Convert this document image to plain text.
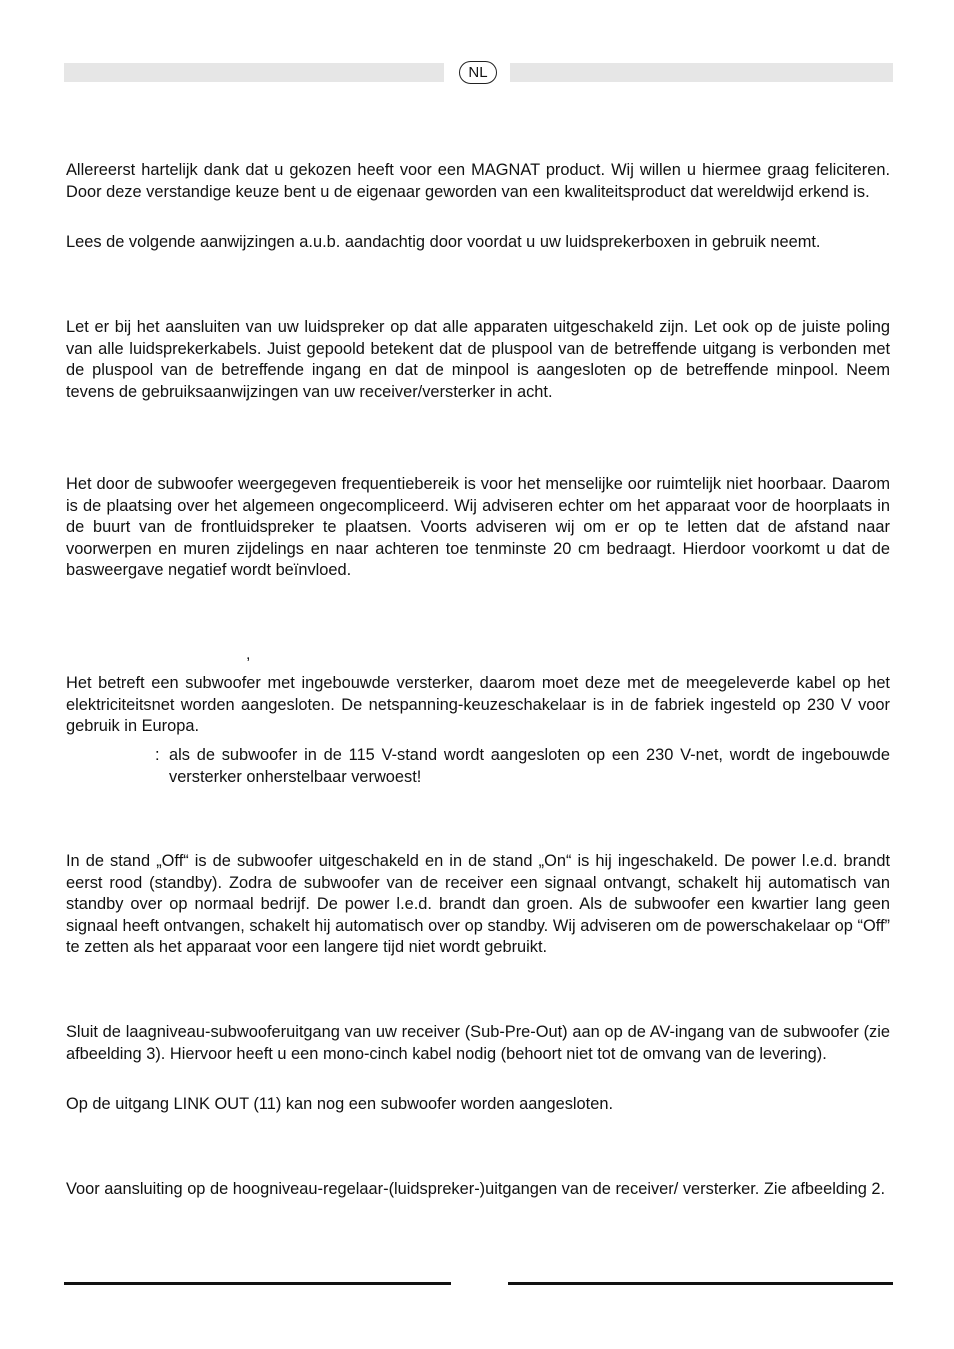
NL

Allereerst hartelijk dank dat u gekozen heeft voor een MAGNAT product. Wij willen u hiermee graag feliciteren. Door deze verstandige keuze bent u de eigenaar geworden van een kwaliteitsproduct dat wereldwijd erkend is.

Lees de volgende aanwijzingen a.u.b. aandachtig door voordat u uw luidsprekerboxen in gebruik neemt.

Let er bij het aansluiten van uw luidspreker op dat alle apparaten uitgeschakeld zijn. Let ook op de juiste poling van alle luidsprekerkabels. Juist gepoold betekent dat de pluspool van de betreffende uitgang is verbonden met de pluspool van de betreffende ingang en dat de minpool is aangesloten op de betreffende minpool. Neem tevens de gebruiksaanwijzingen van uw receiver/versterker in acht.

Het door de subwoofer weergegeven frequentiebereik is voor het menselijke oor ruimtelijk niet hoorbaar. Daarom is de plaatsing over het algemeen ongecompliceerd. Wij adviseren echter om het apparaat voor de hoorplaats in de buurt van de frontluidspreker te plaatsen. Voorts adviseren wij om er op te letten dat de afstand naar voorwerpen en muren zijdelings en naar achteren toe tenminste 20 cm bedraagt. Hierdoor voorkomt u dat de basweergave negatief wordt beïnvloed.

,

Het betreft een subwoofer met ingebouwde versterker, daarom moet deze met de meegeleverde kabel op het elektriciteitsnet worden aangesloten. De netspanning-keuzeschakelaar is in de fabriek ingesteld op 230 V voor gebruik in Europa.

: als de subwoofer in de 115 V-stand wordt aangesloten op een 230 V-net, wordt de ingebouwde versterker onherstelbaar verwoest!

In de stand „Off“ is de subwoofer uitgeschakeld en in de stand „On“ is hij ingeschakeld. De power l.e.d. brandt eerst rood (standby). Zodra de subwoofer van de receiver een signaal ontvangt, schakelt hij automatisch van standby over op normaal bedrijf. De power l.e.d. brandt dan groen. Als de subwoofer een kwartier lang geen signaal heeft ontvangen, schakelt hij automatisch over op standby. Wij adviseren om de powerschakelaar op “Off” te zetten als het apparaat voor een langere tijd niet wordt gebruikt.

Sluit de laagniveau-subwooferuitgang van uw receiver (Sub-Pre-Out) aan op de AV-ingang van de subwoofer (zie afbeelding 3). Hiervoor heeft u een mono-cinch kabel nodig (behoort niet tot de omvang van de levering).

Op de uitgang LINK OUT (11) kan nog een subwoofer worden aangesloten.

Voor aansluiting op de hoogniveau-regelaar-(luidspreker-)uitgangen van de receiver/ versterker. Zie afbeelding 2.
